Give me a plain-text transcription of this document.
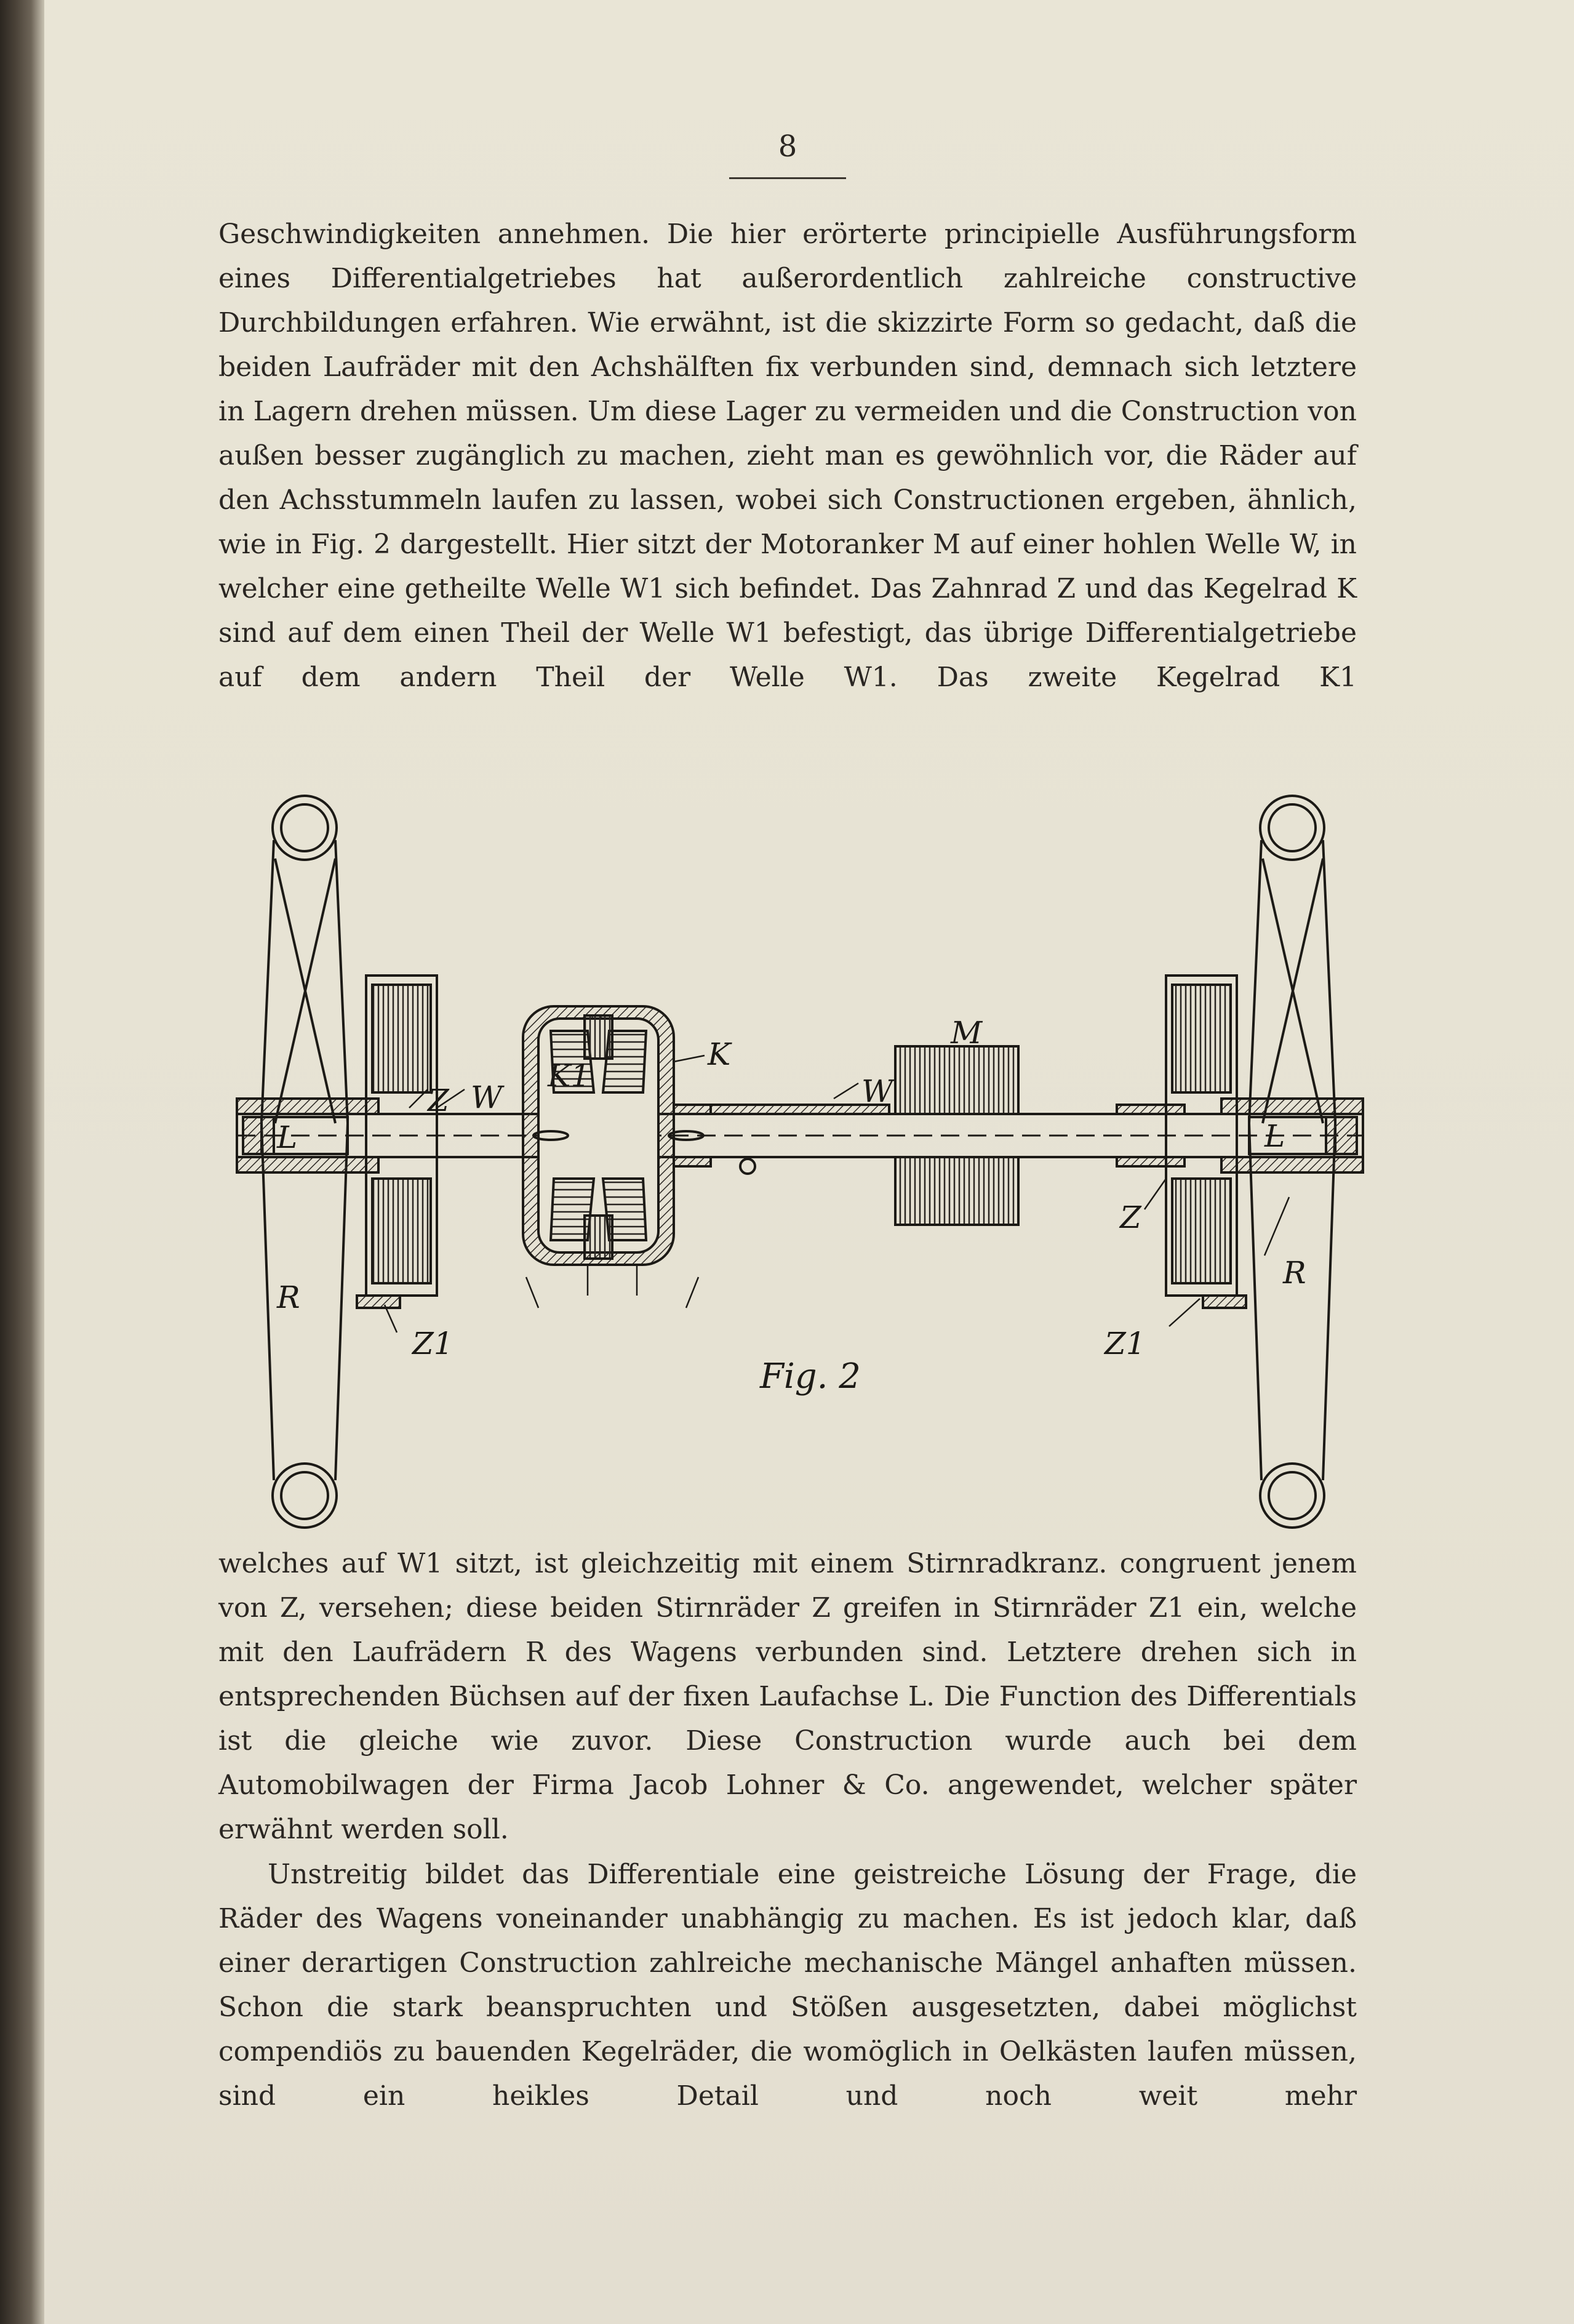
8

Geschwindigkeiten annehmen. Die hier erörterte principielle Ausführungsform eines Differentialgetriebes hat außerordentlich zahlreiche constructive Durchbildungen erfahren. Wie erwähnt, ist die skizzirte Form so gedacht, daß die beiden Laufräder mit den Achshälften fix verbunden sind, demnach sich letztere in Lagern drehen müssen. Um diese Lager zu vermeiden und die Construction von außen besser zugänglich zu machen, zieht man es gewöhnlich vor, die Räder auf den Achsstummeln laufen zu lassen, wobei sich Constructionen ergeben, ähnlich, wie in Fig. 2 dargestellt. Hier sitzt der Motoranker M auf einer hohlen Welle W, in welcher eine getheilte Welle W1 sich befindet. Das Zahnrad Z und das Kegelrad K sind auf dem einen Theil der Welle W1 befestigt, das übrige Differentialgetriebe auf dem andern Theil der Welle W1. Das zweite Kegelrad K1

L	L
Z W
K1
K
M
W
Z
R
R
Z1	Z1
Fig. 2

welches auf W1 sitzt, ist gleichzeitig mit einem Stirnradkranz. congruent jenem von Z, versehen; diese beiden Stirnräder Z greifen in Stirnräder Z1 ein, welche mit den Laufrädern R des Wagens verbunden sind. Letztere drehen sich in entsprechenden Büchsen auf der fixen Laufachse L. Die Function des Differentials ist die gleiche wie zuvor. Diese Construction wurde auch bei dem Automobilwagen der Firma Jacob Lohner & Co. angewendet, welcher später erwähnt werden soll.

Unstreitig bildet das Differentiale eine geistreiche Lösung der Frage, die Räder des Wagens voneinander unabhängig zu machen. Es ist jedoch klar, daß einer derartigen Construction zahlreiche mechanische Mängel anhaften müssen. Schon die stark beanspruchten und Stößen ausgesetzten, dabei möglichst compendiös zu bauenden Kegelräder, die womöglich in Oelkästen laufen müssen, sind ein heikles Detail und noch weit mehr
